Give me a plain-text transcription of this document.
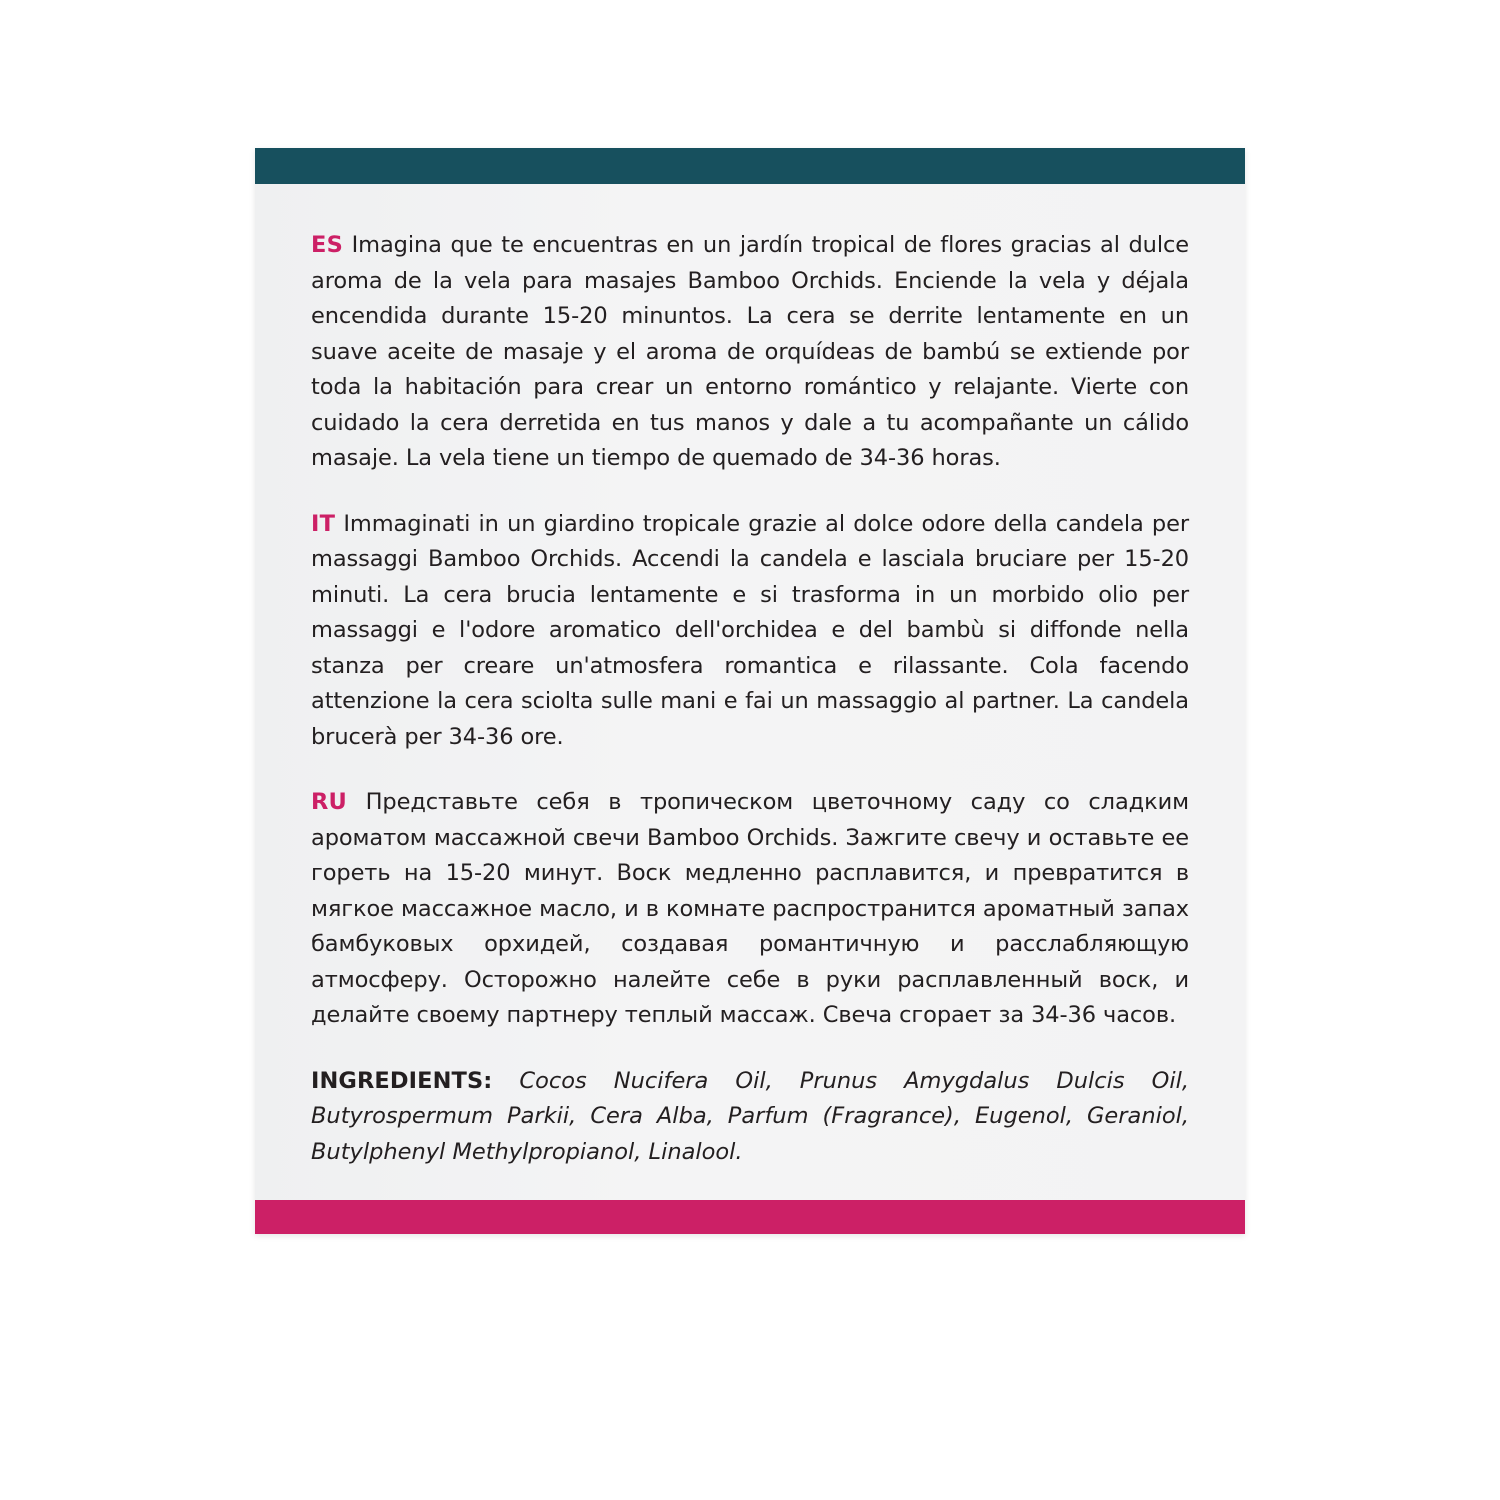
ES Imagina que te encuentras en un jardín tropical de flores gracias al dulce aroma de la vela para masajes Bamboo Orchids. Enciende la vela y déjala encendida durante 15-20 minuntos. La cera se derrite lentamente en un suave aceite de masaje y el aroma de orquídeas de bambú se extiende por toda la habitación para crear un entorno romántico y relajante. Vierte con cuidado la cera derretida en tus manos y dale a tu acompañante un cálido masaje. La vela tiene un tiempo de quemado de 34-36 horas.

IT Immaginati in un giardino tropicale grazie al dolce odore della candela per massaggi Bamboo Orchids. Accendi la candela e lasciala bruciare per 15-20 minuti. La cera brucia lentamente e si trasforma in un morbido olio per massaggi e l'odore aromatico dell'orchidea e del bambù si diffonde nella stanza per creare un'atmosfera romantica e rilassante. Cola facendo attenzione la cera sciolta sulle mani e fai un massaggio al partner. La candela brucerà per 34-36 ore.

RU Представьте себя в тропическом цветочному саду со сладким ароматом массажной свечи Bamboo Orchids. Зажгите свечу и оставьте ее гореть на 15-20 минут. Воск медленно расплавится, и превратится в мягкое массажное масло, и в комнате распространится ароматный запах бамбуковых орхидей, создавая романтичную и расслабляющую атмосферу. Осторожно налейте себе в руки расплавленный воск, и делайте своему партнеру теплый массаж. Свеча сгорает за 34-36 часов.

INGREDIENTS: Cocos Nucifera Oil, Prunus Amygdalus Dulcis Oil, Butyrospermum Parkii, Cera Alba, Parfum (Fragrance), Eugenol, Geraniol, Butylphenyl Methylpropianol, Linalool.
